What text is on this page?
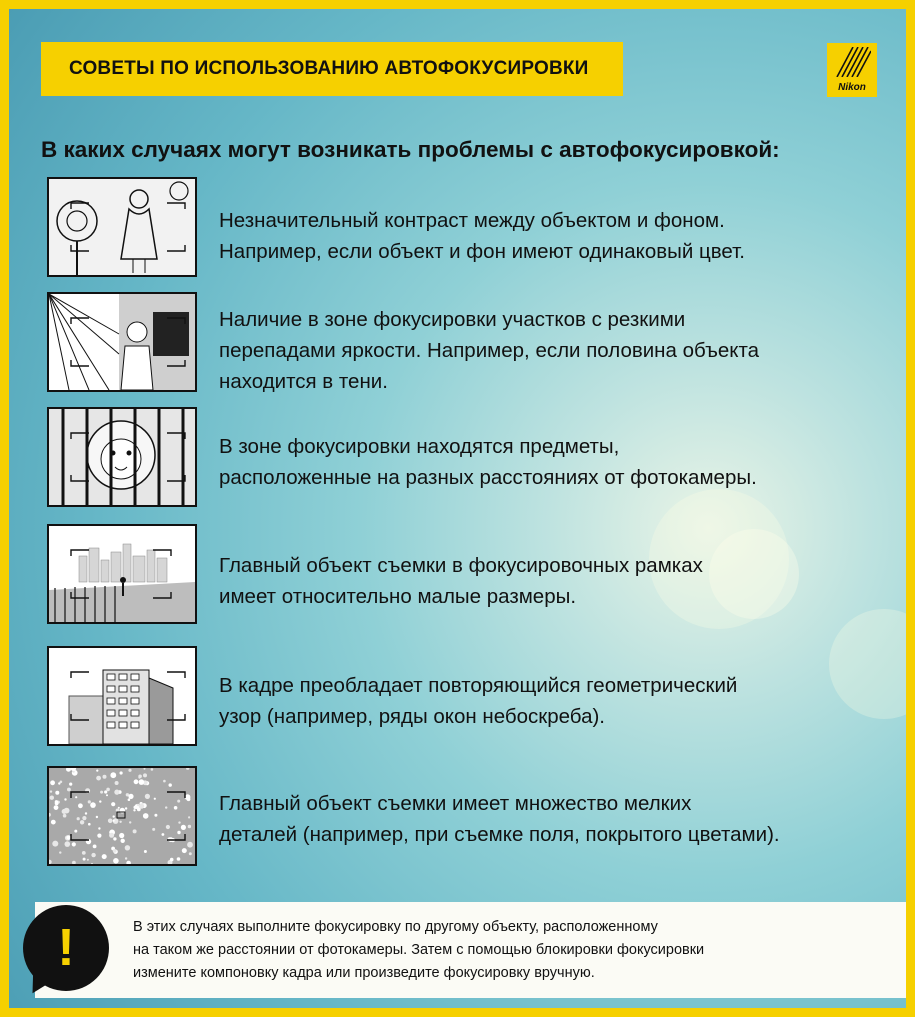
СОВЕТЫ ПО ИСПОЛЬЗОВАНИЮ АВТОФОКУСИРОВКИ
Nikon
В каких случаях могут возникать проблемы с автофокусировкой:
Незначительный контраст между объектом и фоном.
Например, если объект и фон имеют одинаковый цвет.
Наличие в зоне фокусировки участков с резкими
перепадами яркости. Например, если половина объекта
находится в тени.
В зоне фокусировки находятся предметы,
расположенные на разных расстояниях от фотокамеры.
Главный объект съемки в фокусировочных рамках
имеет относительно малые размеры.
В кадре преобладает повторяющийся геометрический
узор (например, ряды окон небоскреба).
Главный объект съемки имеет множество мелких
деталей (например, при съемке поля, покрытого цветами).
В этих случаях выполните фокусировку по другому объекту, расположенному
на таком же расстоянии от фотокамеры. Затем с помощью блокировки фокусировки
измените компоновку кадра или произведите фокусировку вручную.
!
